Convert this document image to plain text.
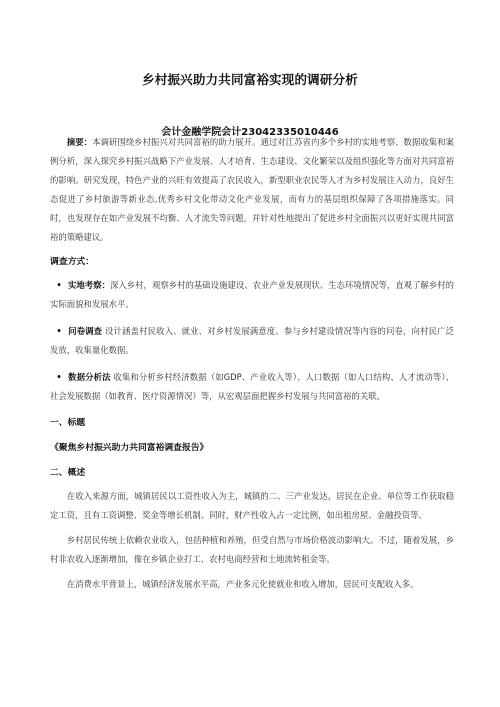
乡村振兴助力共同富裕实现的调研分析
会计金融学院会计23042335010446

摘要：本调研围绕乡村振兴对共同富裕的助力展开。通过对江苏省内多个乡村的实地考察、数据收集和案例分析，深入探究乡村振兴战略下产业发展、人才培育、生态建设、文化繁荣以及组织强化等方面对共同富裕的影响。研究发现，特色产业的兴旺有效提高了农民收入，新型职业农民等人才为乡村发展注入动力，良好生态促进了乡村旅游等新业态,优秀乡村文化带动文化产业发展，而有力的基层组织保障了各项措施落实。同时，也发现存在如产业发展不均衡、人才流失等问题，并针对性地提出了促进乡村全面振兴以更好实现共同富裕的策略建议。

调查方式：

• 实地考察：深入乡村，观察乡村的基础设施建设、农业产业发展现状、生态环境情况等，直观了解乡村的实际面貌和发展水平。

• 问卷调查 设计涵盖村民收入、就业、对乡村发展满意度、参与乡村建设情况等内容的问卷，向村民广泛发放，收集量化数据。

• 数据分析法 收集和分析乡村经济数据（如GDP、产业收入等）、人口数据（如人口结构、人才流动等）、社会发展数据（如教育、医疗资源情况）等，从宏观层面把握乡村发展与共同富裕的关联。

一、标题

《聚焦乡村振兴助力共同富裕调查报告》

二、概述

在收入来源方面，城镇居民以工资性收入为主，城镇的二、三产业发达，居民在企业、单位等工作获取稳定工资，且有工资调整、奖金等增长机制。同时，财产性收入占一定比例，如出租房屋、金融投资等。

乡村居民传统上依赖农业收入，包括种植和养殖，但受自然与市场价格波动影响大。不过，随着发展，乡村非农收入逐渐增加，像在乡镇企业打工、农村电商经营和土地流转租金等。

在消费水平背景上，城镇经济发展水平高，产业多元化使就业和收入增加，居民可支配收入多。
